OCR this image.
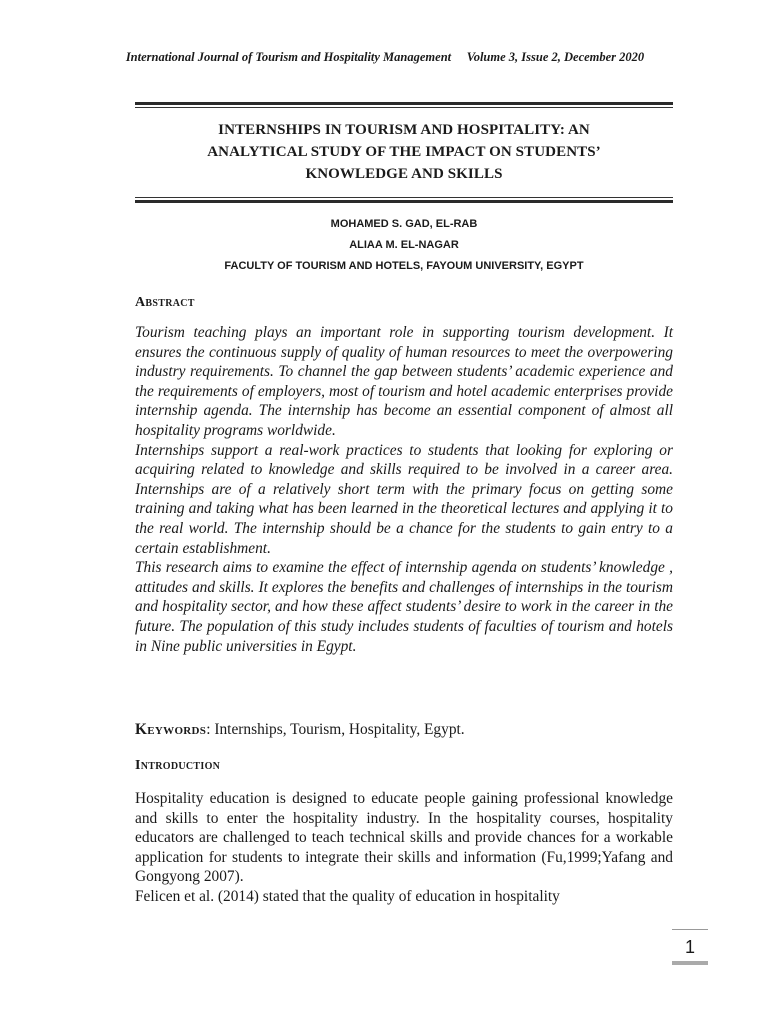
International Journal of Tourism and Hospitality Management Volume 3, Issue 2, December 2020
INTERNSHIPS IN TOURISM AND HOSPITALITY: AN
ANALYTICAL STUDY OF THE IMPACT ON STUDENTS’
KNOWLEDGE AND SKILLS
MOHAMED S. GAD, EL-RAB
ALIAA M. EL-NAGAR
FACULTY OF TOURISM AND HOTELS, FAYOUM UNIVERSITY, EGYPT
Abstract

Tourism teaching plays an important role in supporting tourism development. It ensures the continuous supply of quality of human resources to meet the overpowering industry requirements. To channel the gap between students’ academic experience and the requirements of employers, most of tourism and hotel academic enterprises provide internship agenda. The internship has become an essential component of almost all hospitality programs worldwide.

Internships support a real-work practices to students that looking for exploring or acquiring related to knowledge and skills required to be involved in a career area. Internships are of a relatively short term with the primary focus on getting some training and taking what has been learned in the theoretical lectures and applying it to the real world. The internship should be a chance for the students to gain entry to a certain establishment.

This research aims to examine the effect of internship agenda on students’ knowledge , attitudes and skills. It explores the benefits and challenges of internships in the tourism and hospitality sector, and how these affect students’ desire to work in the career in the future. The population of this study includes students of faculties of tourism and hotels in Nine public universities in Egypt.

Keywords: Internships, Tourism, Hospitality, Egypt.
Introduction

Hospitality education is designed to educate people gaining professional knowledge and skills to enter the hospitality industry. In the hospitality courses, hospitality educators are challenged to teach technical skills and provide chances for a workable application for students to integrate their skills and information (Fu,1999;Yafang and Gongyong 2007).

Felicen et al. (2014) stated that the quality of education in hospitality

1
